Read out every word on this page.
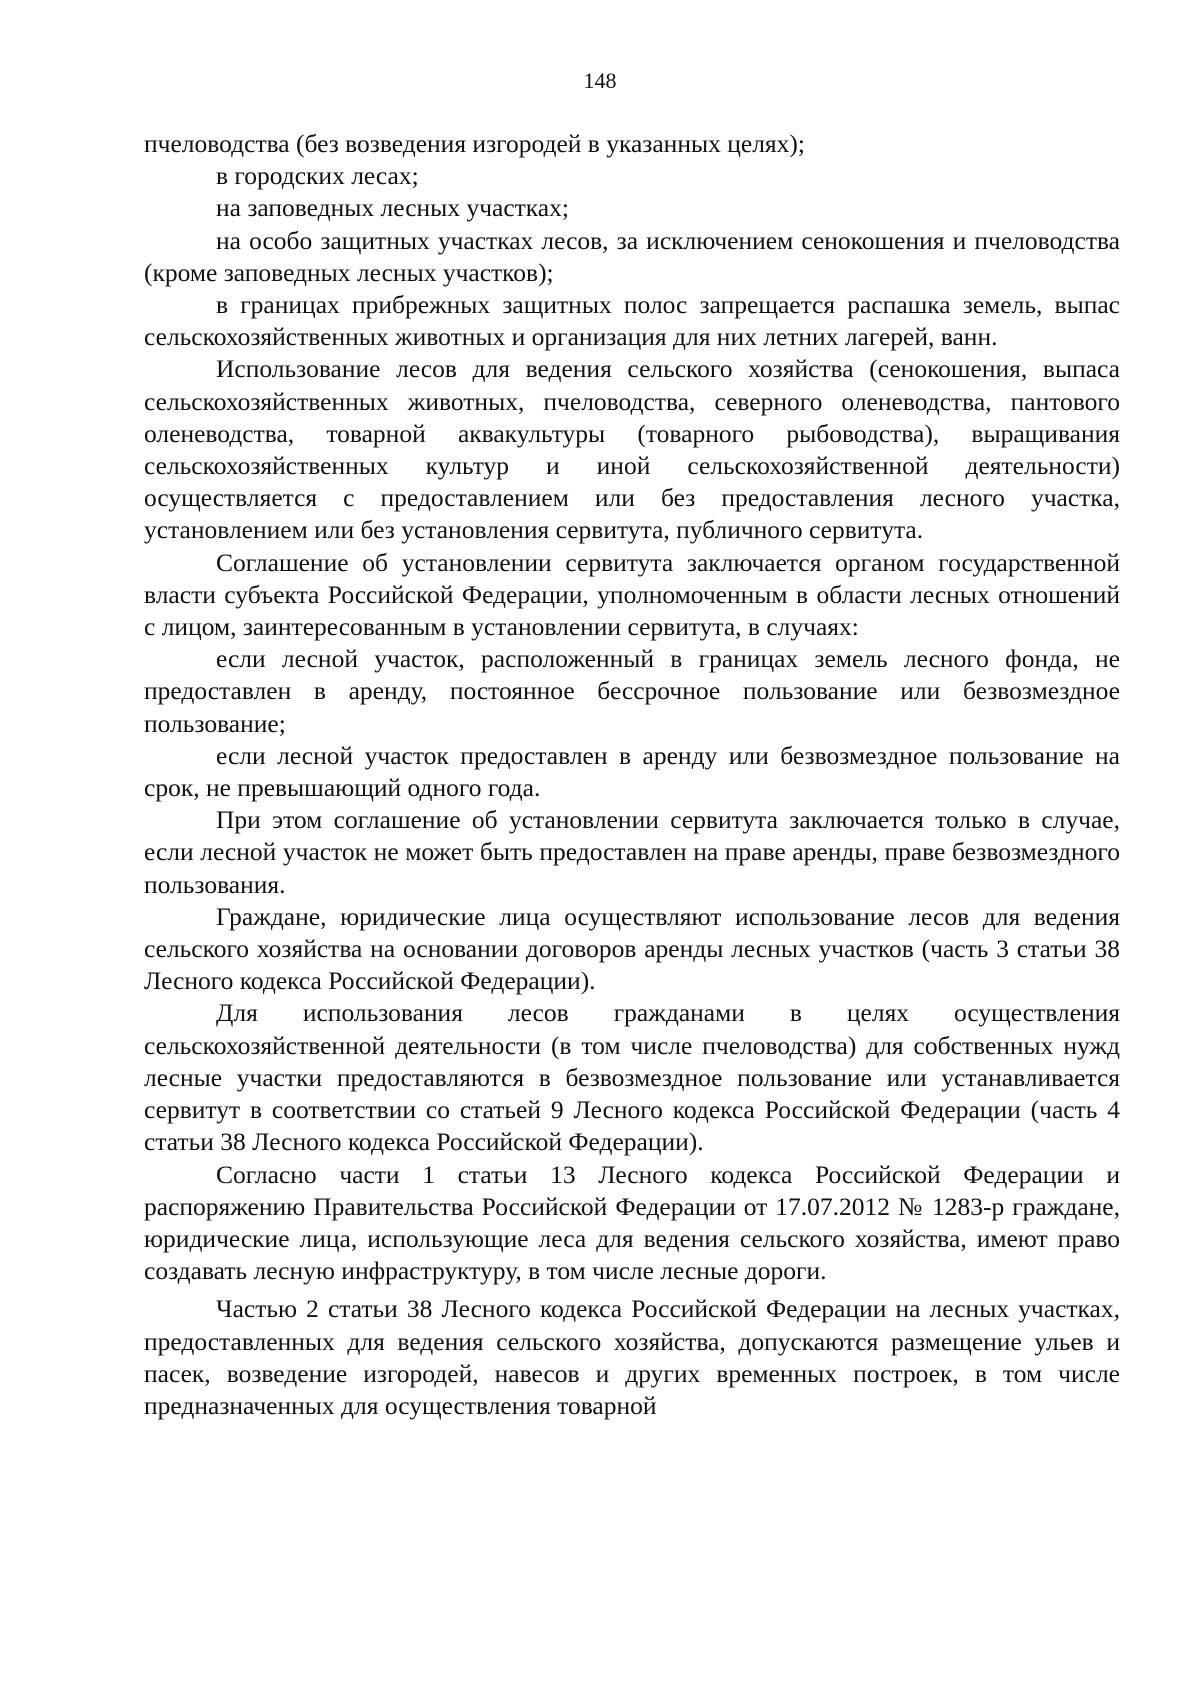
148

пчеловодства (без возведения изгородей в указанных целях);

в городских лесах;

на заповедных лесных участках;

на особо защитных участках лесов, за исключением сенокошения и пчеловодства (кроме заповедных лесных участков);

в границах прибрежных защитных полос запрещается распашка земель, выпас сельскохозяйственных животных и организация для них летних лагерей, ванн.

Использование лесов для ведения сельского хозяйства (сенокошения, выпаса сельскохозяйственных животных, пчеловодства, северного оленеводства, пантового оленеводства, товарной аквакультуры (товарного рыбоводства), выращивания сельскохозяйственных культур и иной сельскохозяйственной деятельности) осуществляется с предоставлением или без предоставления лесного участка, установлением или без установления сервитута, публичного сервитута.

Соглашение об установлении сервитута заключается органом государственной власти субъекта Российской Федерации, уполномоченным в области лесных отношений с лицом, заинтересованным в установлении сервитута, в случаях:

если лесной участок, расположенный в границах земель лесного фонда, не предоставлен в аренду, постоянное бессрочное пользование или безвозмездное пользование;

если лесной участок предоставлен в аренду или безвозмездное пользование на срок, не превышающий одного года.

При этом соглашение об установлении сервитута заключается только в случае, если лесной участок не может быть предоставлен на праве аренды, праве безвозмездного пользования.

Граждане, юридические лица осуществляют использование лесов для ведения сельского хозяйства на основании договоров аренды лесных участков (часть 3 статьи 38 Лесного кодекса Российской Федерации).

Для использования лесов гражданами в целях осуществления сельскохозяйственной деятельности (в том числе пчеловодства) для собственных нужд лесные участки предоставляются в безвозмездное пользование или устанавливается сервитут в соответствии со статьей 9 Лесного кодекса Российской Федерации (часть 4 статьи 38 Лесного кодекса Российской Федерации).

Согласно части 1 статьи 13 Лесного кодекса Российской Федерации и распоряжению Правительства Российской Федерации от 17.07.2012 № 1283-р граждане, юридические лица, использующие леса для ведения сельского хозяйства, имеют право создавать лесную инфраструктуру, в том числе лесные дороги.

Частью 2 статьи 38 Лесного кодекса Российской Федерации на лесных участках, предоставленных для ведения сельского хозяйства, допускаются размещение ульев и пасек, возведение изгородей, навесов и других временных построек, в том числе предназначенных для осуществления товарной
